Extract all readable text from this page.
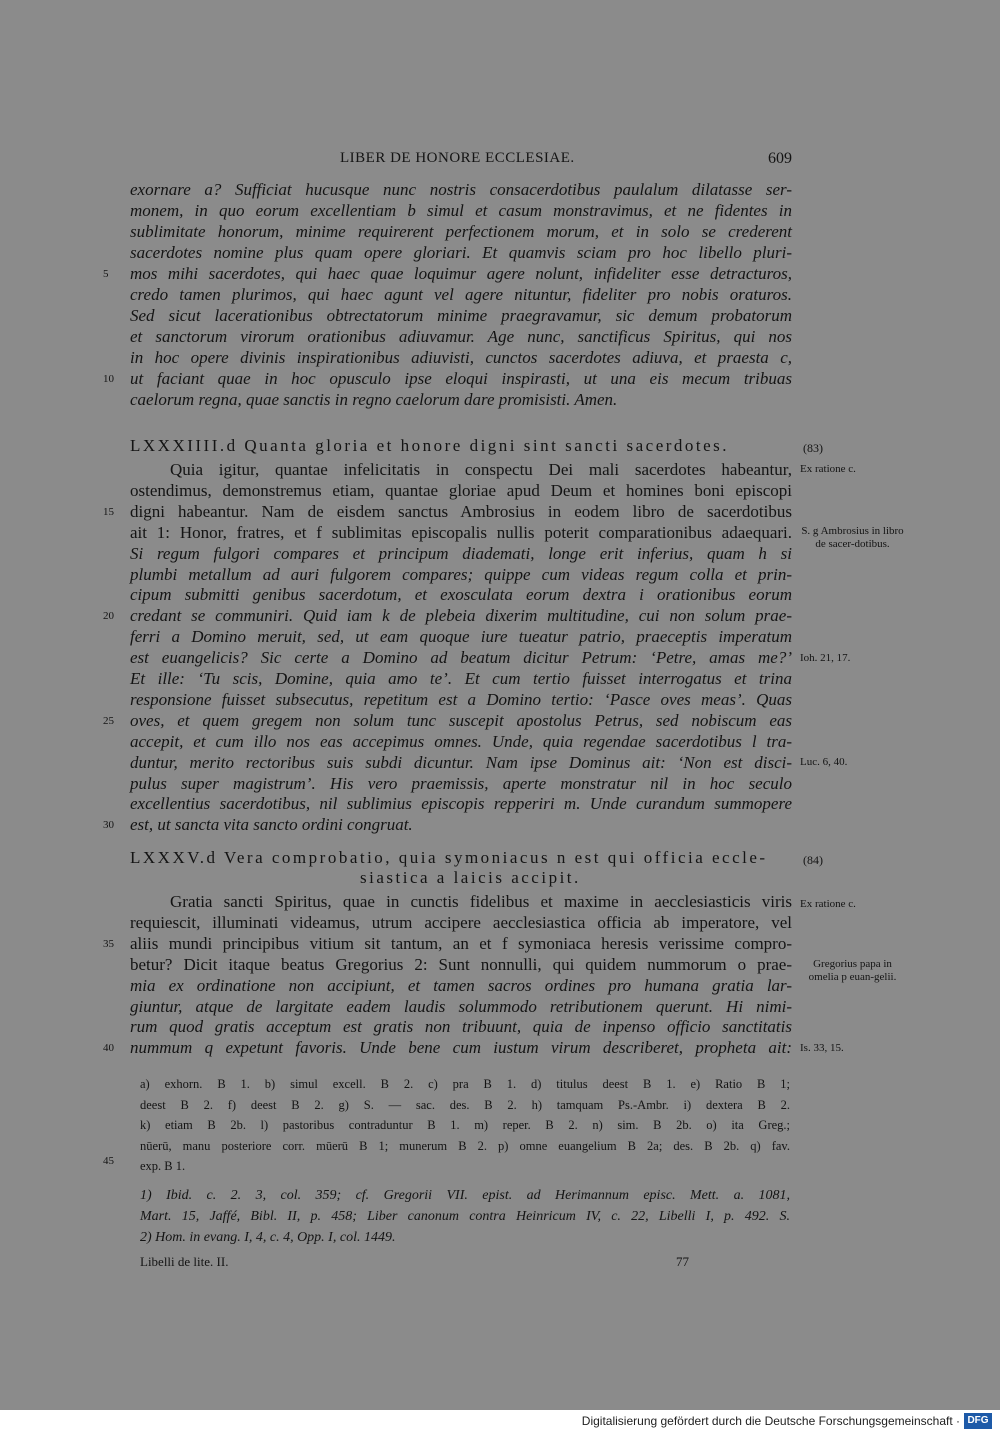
LIBER DE HONORE ECCLESIAE.	609
exornare a? Sufficiat hucusque nunc nostris consacerdotibus paulalum dilatasse ser-
monem, in quo eorum excellentiam b simul et casum monstravimus, et ne fidentes in
sublimitate honorum, minime requirerent perfectionem morum, et in solo se crederent
sacerdotes nomine plus quam opere gloriari. Et quamvis sciam pro hoc libello pluri-
mos mihi sacerdotes, qui haec quae loquimur agere nolunt, infideliter esse detracturos,
5
credo tamen plurimos, qui haec agunt vel agere nituntur, fideliter pro nobis oraturos.
Sed sicut lacerationibus obtrectatorum minime praegravamur, sic demum probatorum
et sanctorum virorum orationibus adiuvamur. Age nunc, sanctificus Spiritus, qui nos
in hoc opere divinis inspirationibus adiuvisti, cunctos sacerdotes adiuva, et praesta c,
ut faciant quae in hoc opusculo ipse eloqui inspirasti, ut una eis mecum tribuas
10
caelorum regna, quae sanctis in regno caelorum dare promisisti. Amen.
LXXXIIII.d Quanta gloria et honore digni sint sancti sacerdotes.	(83)
Quia igitur, quantae infelicitatis in conspectu Dei mali sacerdotes habeantur,
ostendimus, demonstremus etiam, quantae gloriae apud Deum et homines boni episcopi
digni habeantur. Nam de eisdem sanctus Ambrosius in eodem libro de sacerdotibus
15
ait 1: Honor, fratres, et f sublimitas episcopalis nullis poterit comparationibus adaequari.
Si regum fulgori compares et principum diademati, longe erit inferius, quam h si
plumbi metallum ad auri fulgorem compares; quippe cum videas regum colla et prin-
cipum submitti genibus sacerdotum, et exosculata eorum dextra i orationibus eorum
credant se communiri. Quid iam k de plebeia dixerim multitudine, cui non solum prae-
20
ferri a Domino meruit, sed, ut eam quoque iure tueatur patrio, praeceptis imperatum
est euangelicis? Sic certe a Domino ad beatum dicitur Petrum: ‘Petre, amas me?’
Et ille: ‘Tu scis, Domine, quia amo te’. Et cum tertio fuisset interrogatus et trina
responsione fuisset subsecutus, repetitum est a Domino tertio: ‘Pasce oves meas’. Quas
oves, et quem gregem non solum tunc suscepit apostolus Petrus, sed nobiscum eas
25
accepit, et cum illo nos eas accepimus omnes. Unde, quia regendae sacerdotibus l tra-
duntur, merito rectoribus suis subdi dicuntur. Nam ipse Dominus ait: ‘Non est disci-
pulus super magistrum’. His vero praemissis, aperte monstratur nil in hoc seculo
excellentius sacerdotibus, nil sublimius episcopis repperiri m. Unde curandum summopere
est, ut sancta vita sancto ordini congruat.
30
LXXXV.d Vera comprobatio, quia symoniacus n est qui officia eccle-
siastica a laicis accipit.
(84)
Gratia sancti Spiritus, quae in cunctis fidelibus et maxime in aecclesiasticis viris
requiescit, illuminati videamus, utrum accipere aecclesiastica officia ab imperatore, vel
aliis mundi principibus vitium sit tantum, an et f symoniaca heresis verissime compro-
35
betur? Dicit itaque beatus Gregorius 2: Sunt nonnulli, qui quidem nummorum o prae-
mia ex ordinatione non accipiunt, et tamen sacros ordines pro humana gratia lar-
giuntur, atque de largitate eadem laudis solummodo retributionem querunt. Hi nimi-
rum quod gratis acceptum est gratis non tribuunt, quia de inpenso officio sanctitatis
nummum q expetunt favoris. Unde bene cum iustum virum describeret, propheta ait:
40
Ex ratione c.
S. g Ambrosius in libro de sacer-dotibus.
Ioh. 21, 17.
Luc. 6, 40.
Ex ratione c.
Gregorius papa in omelia p euan-gelii.
Is. 33, 15.
a) exhorn. B 1. b) simul excell. B 2. c) pra B 1. d) titulus deest B 1. e) Ratio B 1;
deest B 2. f) deest B 2. g) S. — sac. des. B 2. h) tamquam Ps.-Ambr. i) dextera B 2.
k) etiam B 2b. l) pastoribus contraduntur B 1. m) reper. B 2. n) sim. B 2b. o) ita Greg.;
nūerū, manu posteriore corr. mūerū B 1; munerum B 2. p) omne euangelium B 2a; des. B 2b. q) fav.
exp. B 1.
45
1) Ibid. c. 2. 3, col. 359; cf. Gregorii VII. epist. ad Herimannum episc. Mett. a. 1081,
Mart. 15, Jaffé, Bibl. II, p. 458; Liber canonum contra Heinricum IV, c. 22, Libelli I, p. 492. S.
2) Hom. in evang. I, 4, c. 4, Opp. I, col. 1449.
Libelli de lite. II.	77
Digitalisierung gefördert durch die Deutsche Forschungsgemeinschaft · DFG
